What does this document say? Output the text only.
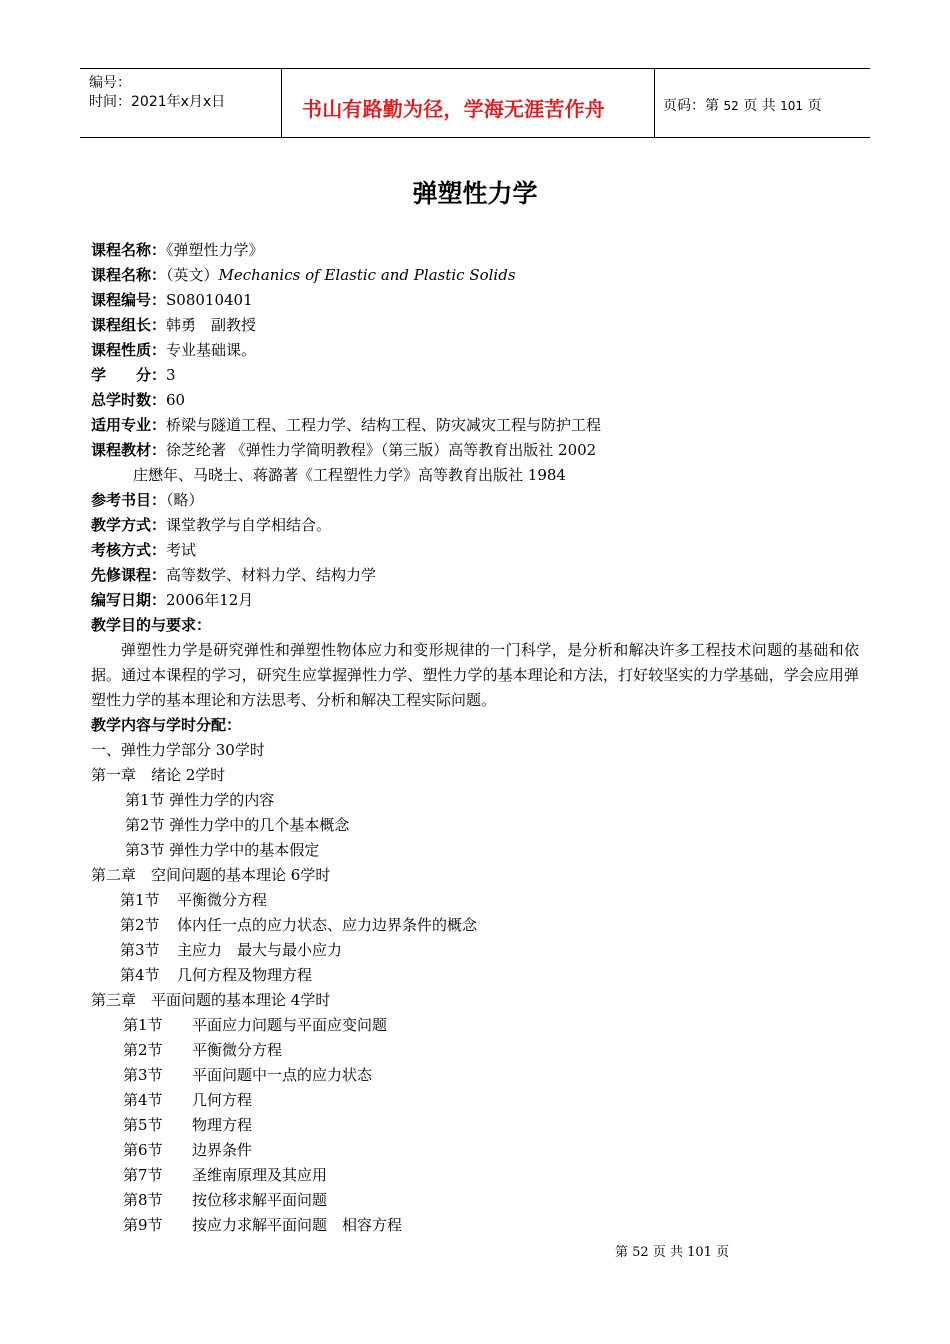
编号：
时间：2021年x月x日	书山有路勤为径，学海无涯苦作舟	页码：第 52 页 共 101 页
弹塑性力学
课程名称：《弹塑性力学》
课程名称：（英文）Mechanics of Elastic and Plastic Solids
课程编号：S08010401
课程组长：韩勇　副教授
课程性质：专业基础课。
学　　分：3
总学时数：60
适用专业：桥梁与隧道工程、工程力学、结构工程、防灾减灾工程与防护工程
课程教材：徐芝纶著 《弹性力学简明教程》（第三版）高等教育出版社 2002
庄懋年、马晓士、蒋潞著《工程塑性力学》高等教育出版社 1984
参考书目：（略）
教学方式：课堂教学与自学相结合。
考核方式：考试
先修课程：高等数学、材料力学、结构力学
编写日期：2006年12月
教学目的与要求：
弹塑性力学是研究弹性和弹塑性物体应力和变形规律的一门科学，是分析和解决许多工程技术问题的基础和依据。通过本课程的学习，研究生应掌握弹性力学、塑性力学的基本理论和方法，打好较坚实的力学基础，学会应用弹塑性力学的基本理论和方法思考、分析和解决工程实际问题。
教学内容与学时分配：
一、弹性力学部分 30学时
第一章　绪论 2学时
第1节 弹性力学的内容
第2节 弹性力学中的几个基本概念
第3节 弹性力学中的基本假定
第二章　空间问题的基本理论 6学时
第1节 平衡微分方程
第2节 体内任一点的应力状态、应力边界条件的概念
第3节 主应力　最大与最小应力
第4节 几何方程及物理方程
第三章　平面问题的基本理论 4学时
第1节 平面应力问题与平面应变问题
第2节 平衡微分方程
第3节 平面问题中一点的应力状态
第4节 几何方程
第5节 物理方程
第6节 边界条件
第7节 圣维南原理及其应用
第8节 按位移求解平面问题
第9节 按应力求解平面问题　相容方程
第 52 页 共 101 页
